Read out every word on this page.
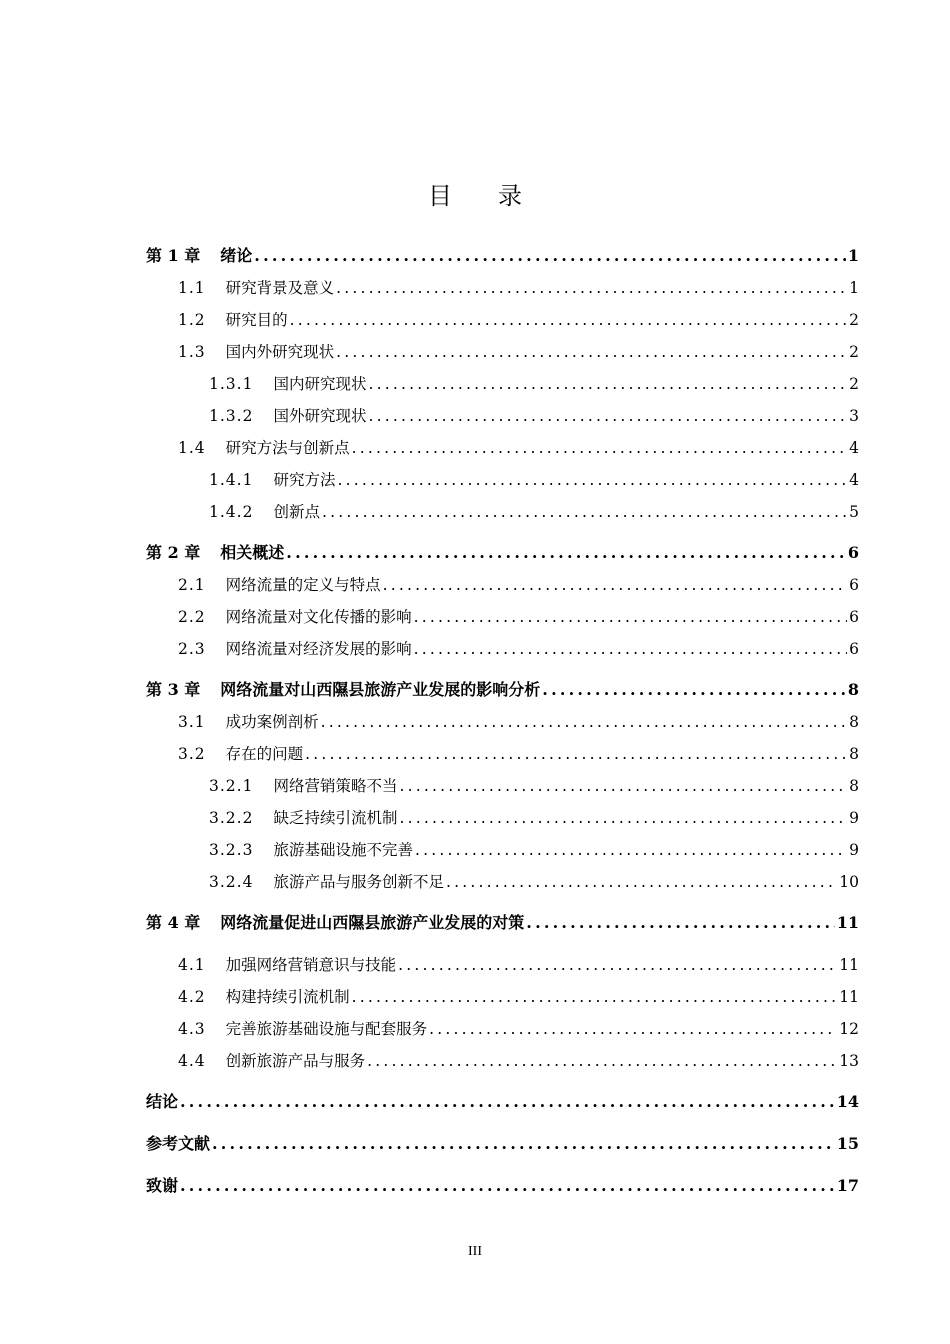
目 录
第 1 章 绪论 .....	1
1.1 研究背景及意义 .....	1
1.2 研究目的 .....	2
1.3 国内外研究现状 .....	2
1.3.1 国内研究现状 .....	2
1.3.2 国外研究现状 .....	3
1.4 研究方法与创新点 .....	4
1.4.1 研究方法 .....	4
1.4.2 创新点 .....	5
第 2 章 相关概述 .....	6
2.1 网络流量的定义与特点 .....	6
2.2 网络流量对文化传播的影响 .....	6
2.3 网络流量对经济发展的影响 .....	6
第 3 章 网络流量对山西隰县旅游产业发展的影响分析 .....	8
3.1 成功案例剖析 .....	8
3.2 存在的问题 .....	8
3.2.1 网络营销策略不当 .....	8
3.2.2 缺乏持续引流机制 .....	9
3.2.3 旅游基础设施不完善 .....	9
3.2.4 旅游产品与服务创新不足 .....	10
第 4 章 网络流量促进山西隰县旅游产业发展的对策 .....	11
4.1 加强网络营销意识与技能 .....	11
4.2 构建持续引流机制 .....	11
4.3 完善旅游基础设施与配套服务 .....	12
4.4 创新旅游产品与服务 .....	13
结论 .....	14
参考文献 .....	15
致谢 .....	17
III
